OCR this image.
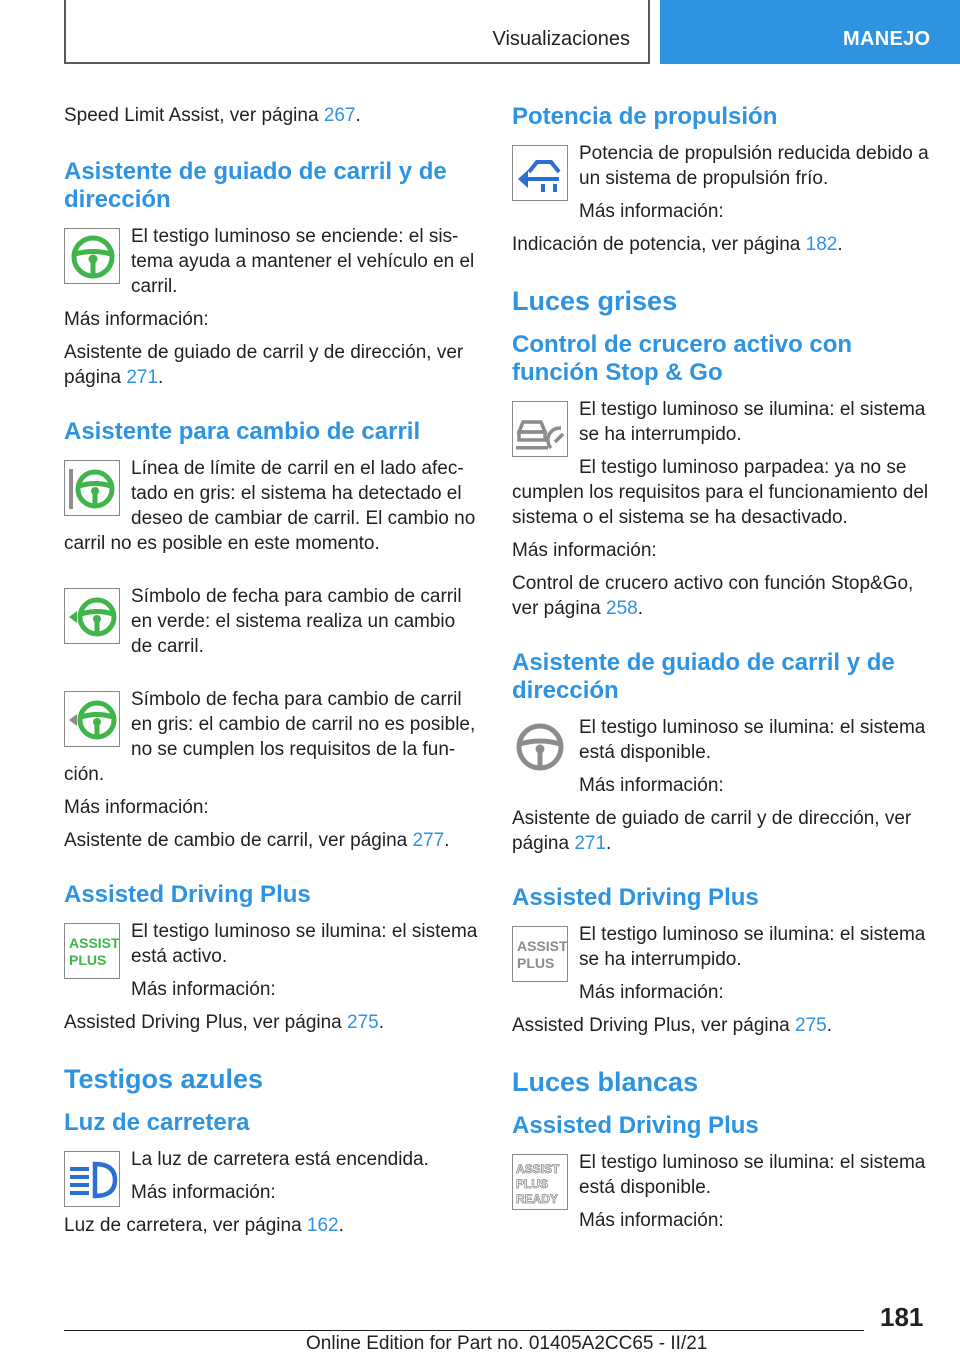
Visualizaciones	MANEJO

Speed Limit Assist, ver página 267.

Asistente de guiado de carril y de dirección

El testigo luminoso se enciende: el sis-tema ayuda a mantener el vehículo en el carril.

Más información:

Asistente de guiado de carril y de dirección, ver página 271.

Asistente para cambio de carril

Línea de límite de carril en el lado afec-tado en gris: el sistema ha detectado el deseo de cambiar de carril. El cambio no carril no es posible en este momento.

Símbolo de fecha para cambio de carril en verde: el sistema realiza un cambio de carril.

Símbolo de fecha para cambio de carril en gris: el cambio de carril no es posible, no se cumplen los requisitos de la fun-ción.

Más información:

Asistente de cambio de carril, ver página 277.

Assisted Driving Plus
ASSIST
PLUS

El testigo luminoso se ilumina: el sistema está activo.

Más información:

Assisted Driving Plus, ver página 275.

Testigos azules
Luz de carretera

La luz de carretera está encendida.

Más información:

Luz de carretera, ver página 162.

Potencia de propulsión

Potencia de propulsión reducida debido a un sistema de propulsión frío.

Más información:

Indicación de potencia, ver página 182.

Luces grises
Control de crucero activo con función Stop & Go

El testigo luminoso se ilumina: el sistema se ha interrumpido.

El testigo luminoso parpadea: ya no se cumplen los requisitos para el funcionamiento del sistema o el sistema se ha desactivado.

Más información:

Control de crucero activo con función Stop&Go, ver página 258.

Asistente de guiado de carril y de dirección

El testigo luminoso se ilumina: el sistema está disponible.

Más información:

Asistente de guiado de carril y de dirección, ver página 271.

Assisted Driving Plus
ASSIST
PLUS

El testigo luminoso se ilumina: el sistema se ha interrumpido.

Más información:

Assisted Driving Plus, ver página 275.

Luces blancas
Assisted Driving Plus
ASSIST
PLUS
READY

El testigo luminoso se ilumina: el sistema está disponible.

Más información:

181
Online Edition for Part no. 01405A2CC65 - II/21
